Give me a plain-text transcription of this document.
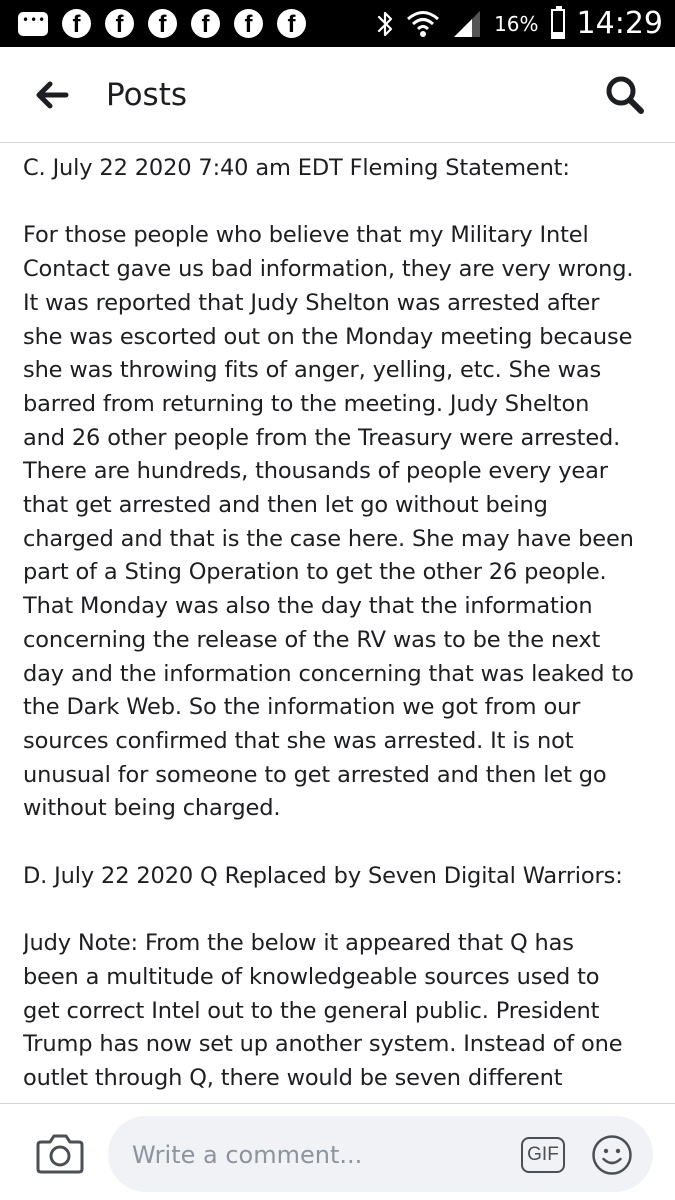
•••
f	f	f	f	f	f	16% 14:29
Posts
C. July 22 2020 7:40 am EDT Fleming Statement:

For those people who believe that my Military Intel
Contact gave us bad information, they are very wrong.
It was reported that Judy Shelton was arrested after
she was escorted out on the Monday meeting because
she was throwing fits of anger, yelling, etc. She was
barred from returning to the meeting. Judy Shelton
and 26 other people from the Treasury were arrested.
There are hundreds, thousands of people every year
that get arrested and then let go without being
charged and that is the case here. She may have been
part of a Sting Operation to get the other 26 people.
That Monday was also the day that the information
concerning the release of the RV was to be the next
day and the information concerning that was leaked to
the Dark Web. So the information we got from our
sources confirmed that she was arrested. It is not
unusual for someone to get arrested and then let go
without being charged.

D. July 22 2020 Q Replaced by Seven Digital Warriors:

Judy Note: From the below it appeared that Q has
been a multitude of knowledgeable sources used to
get correct Intel out to the general public. President
Trump has now set up another system. Instead of one
outlet through Q, there would be seven different
Write a comment...	GIF
